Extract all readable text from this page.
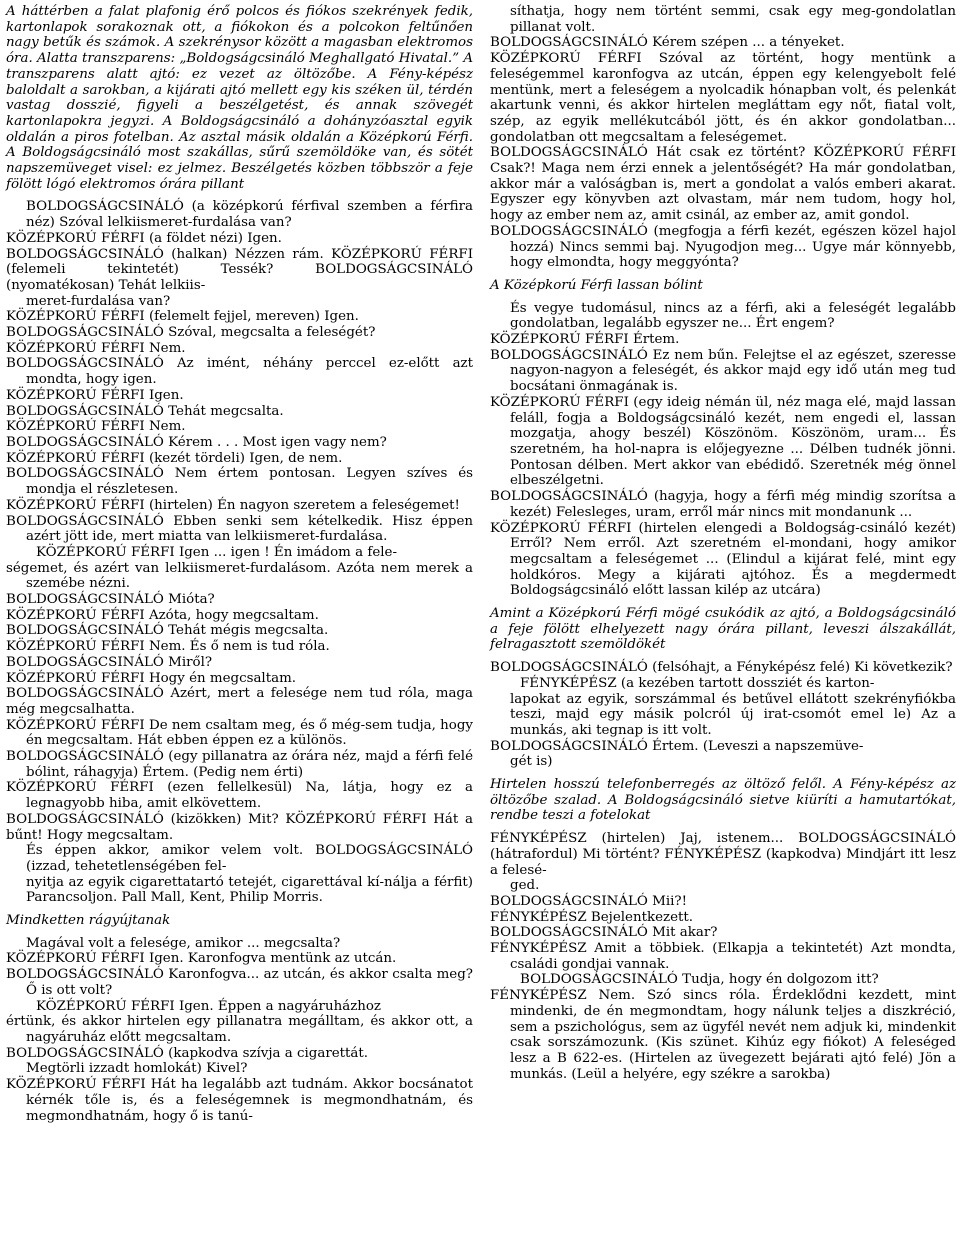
A háttérben a falat plafonig érő polcos és fiókos szekrények fedik, kartonlapok sorakoznak ott, a fiókokon és a polcokon feltűnően nagy betűk és számok. A szekrénysor között a magasban elektromos óra. Alatta transzparens: „Boldogságcsináló Meghallgató Hivatal.” A transzparens alatt ajtó: ez vezet az öltözőbe. A Fény-képész baloldalt a sarokban, a kijárati ajtó mellett egy kis széken ül, térdén vastag dosszié, figyeli a beszélgetést, és annak szövegét kartonlapokra jegyzi. A Boldogságcsináló a dohányzóasztal egyik oldalán a piros fotelban. Az asztal másik oldalán a Középkorú Férfi. A Boldogságcsináló most szakállas, sűrű szemöldöke van, és sötét napszemüveget visel: ez jelmez. Beszélgetés közben többször a feje fölött lógó elektromos órára pillant

BOLDOGSÁGCSINÁLÓ (a középkorú férfival szemben a férfira néz) Szóval lelkiismeret-furdalása van?

KÖZÉPKORÚ FÉRFI (a földet nézi) Igen.

BOLDOGSÁGCSINÁLÓ (halkan) Nézzen rám. KÖZÉPKORÚ FÉRFI (felemeli tekintetét) Tessék? BOLDOGSÁGCSINÁLÓ (nyomatékosan) Tehát lelkiis-

meret-furdalása van?

KÖZÉPKORÚ FÉRFI (felemelt fejjel, mereven) Igen.

BOLDOGSÁGCSINÁLÓ Szóval, megcsalta a feleségét?

KÖZÉPKORÚ FÉRFI Nem.

BOLDOGSÁGCSINÁLÓ Az imént, néhány perccel ez-előtt azt mondta, hogy igen.

KÖZÉPKORÚ FÉRFI Igen.

BOLDOGSÁGCSINÁLÓ Tehát megcsalta.

KÖZÉPKORÚ FÉRFI Nem.

BOLDOGSÁGCSINÁLÓ Kérem . . . Most igen vagy nem?

KÖZÉPKORÚ FÉRFI (kezét tördeli) Igen, de nem.

BOLDOGSÁGCSINÁLÓ Nem értem pontosan. Legyen szíves és mondja el részletesen.

KÖZÉPKORÚ FÉRFI (hirtelen) Én nagyon szeretem a feleségemet!

BOLDOGSÁGCSINÁLÓ Ebben senki sem kételkedik. Hisz éppen azért jött ide, mert miatta van lelkiismeret-furdalása.

KÖZÉPKORÚ FÉRFI Igen ... igen ! Én imádom a fele-

ségemet, és azért van lelkiismeret-furdalásom. Azóta nem merek a szemébe nézni.

BOLDOGSÁGCSINÁLÓ Mióta?

KÖZÉPKORÚ FÉRFI Azóta, hogy megcsaltam.

BOLDOGSÁGCSINÁLÓ Tehát mégis megcsalta.

KÖZÉPKORÚ FÉRFI Nem. És ő nem is tud róla.

BOLDOGSÁGCSINÁLÓ Miről?

KÖZÉPKORÚ FÉRFI Hogy én megcsaltam.

BOLDOGSÁGCSINÁLÓ Azért, mert a felesége nem tud róla, maga még megcsalhatta.

KÖZÉPKORÚ FÉRFI De nem csaltam meg, és ő még-sem tudja, hogy én megcsaltam. Hát ebben éppen ez a különös.

BOLDOGSÁGCSINÁLÓ (egy pillanatra az órára néz, majd a férfi felé bólint, ráhagyja) Értem. (Pedig nem érti)

KÖZÉPKORÚ FÉRFI (ezen fellelkesül) Na, látja, hogy ez a legnagyobb hiba, amit elkövettem.

BOLDOGSÁGCSINÁLÓ (kizökken) Mit? KÖZÉPKORÚ FÉRFI Hát a bűnt! Hogy megcsaltam.

És éppen akkor, amikor velem volt. BOLDOGSÁGCSINÁLÓ (izzad, tehetetlenségében fel-

nyitja az egyik cigarettatartó tetejét, cigarettával kí-nálja a férfit) Parancsoljon. Pall Mall, Kent, Philip Morris.

Mindketten rágyújtanak

Magával volt a felesége, amikor ... megcsalta?

KÖZÉPKORÚ FÉRFI Igen. Karonfogva mentünk az utcán.

BOLDOGSÁGCSINÁLÓ Karonfogva... az utcán, és akkor csalta meg? Ő is ott volt?

KÖZÉPKORÚ FÉRFI Igen. Éppen a nagyáruházhoz

értünk, és akkor hirtelen egy pillanatra megálltam, és akkor ott, a nagyáruház előtt megcsaltam.

BOLDOGSÁGCSINÁLÓ (kapkodva szívja a cigarettát.

Megtörli izzadt homlokát) Kivel?

KÖZÉPKORÚ FÉRFI Hát ha legalább azt tudnám. Akkor bocsánatot kérnék tőle is, és a feleségemnek is megmondhatnám, és megmondhatnám, hogy ő is tanú-

síthatja, hogy nem történt semmi, csak egy meg-gondolatlan pillanat volt.

BOLDOGSÁGCSINÁLÓ Kérem szépen ... a tényeket.

KÖZÉPKORÚ FÉRFI Szóval az történt, hogy mentünk a feleségemmel karonfogva az utcán, éppen egy kelengyebolt felé mentünk, mert a feleségem a nyolcadik hónapban volt, és pelenkát akartunk venni, és akkor hirtelen megláttam egy nőt, fiatal volt, szép, az egyik mellékutcából jött, és én akkor gondolatban... gondolatban ott megcsaltam a feleségemet.

BOLDOGSÁGCSINÁLÓ Hát csak ez történt? KÖZÉPKORÚ FÉRFI Csak?! Maga nem érzi ennek a jelentőségét? Ha már gondolatban, akkor már a valóságban is, mert a gondolat a valós emberi akarat. Egyszer egy könyvben azt olvastam, már nem tudom, hogy hol, hogy az ember nem az, amit csinál, az ember az, amit gondol.

BOLDOGSÁGCSINÁLÓ (megfogja a férfi kezét, egészen közel hajol hozzá) Nincs semmi baj. Nyugodjon meg... Ugye már könnyebb, hogy elmondta, hogy meggyónta?

A Középkorú Férfi lassan bólint

És vegye tudomásul, nincs az a férfi, aki a feleségét legalább gondolatban, legalább egyszer ne... Ért engem?

KÖZÉPKORÚ FÉRFI Értem.

BOLDOGSÁGCSINÁLÓ Ez nem bűn. Felejtse el az egészet, szeresse nagyon-nagyon a feleségét, és akkor majd egy idő után meg tud bocsátani önmagának is.

KÖZÉPKORÚ FÉRFI (egy ideig némán ül, néz maga elé, majd lassan feláll, fogja a Boldogságcsináló kezét, nem engedi el, lassan mozgatja, ahogy beszél) Köszönöm. Köszönöm, uram... És szeretném, ha hol-napra is előjegyezne ... Délben tudnék jönni. Pontosan délben. Mert akkor van ebédidő. Szeretnék még önnel elbeszélgetni.

BOLDOGSÁGCSINÁLÓ (hagyja, hogy a férfi még mindig szorítsa a kezét) Felesleges, uram, erről már nincs mit mondanunk ...

KÖZÉPKORÚ FÉRFI (hirtelen elengedi a Boldogság-csináló kezét) Erről? Nem erről. Azt szeretném el-mondani, hogy amikor megcsaltam a feleségemet ... (Elindul a kijárat felé, mint egy holdkóros. Megy a kijárati ajtóhoz. És a megdermedt Boldogságcsináló előtt lassan kilép az utcára)

Amint a Középkorú Férfi mögé csukódik az ajtó, a Boldogságcsináló a feje fölött elhelyezett nagy órára pillant, leveszi álszakállát, felragasztott szemöldökét

BOLDOGSÁGCSINÁLÓ (felsóhajt, a Fényképész felé) Ki következik?

FÉNYKÉPÉSZ (a kezében tartott dossziét és karton-

lapokat az egyik, sorszámmal és betűvel ellátott szekrényfiókba teszi, majd egy másik polcról új irat-csomót emel le) Az a munkás, aki tegnap is itt volt.

BOLDOGSÁGCSINÁLÓ Értem. (Leveszi a napszemüve-

gét is)

Hirtelen hosszú telefonberregés az öltöző felől. A Fény-képész az öltözőbe szalad. A Boldogságcsináló sietve kiüríti a hamutartókat, rendbe teszi a fotelokat

FÉNYKÉPÉSZ (hirtelen) Jaj, istenem... BOLDOGSÁGCSINÁLÓ (hátrafordul) Mi történt? FÉNYKÉPÉSZ (kapkodva) Mindjárt itt lesz a felesé-

ged.

BOLDOGSÁGCSINÁLÓ Mii?!

FÉNYKÉPÉSZ Bejelentkezett.

BOLDOGSÁGCSINÁLÓ Mit akar?

FÉNYKÉPÉSZ Amit a többiek. (Elkapja a tekintetét) Azt mondta, családi gondjai vannak.

BOLDOGSÁGCSINÁLÓ Tudja, hogy én dolgozom itt?

FÉNYKÉPÉSZ Nem. Szó sincs róla. Érdeklődni kezdett, mint mindenki, de én megmondtam, hogy nálunk teljes a diszkréció, sem a pszichológus, sem az ügyfél nevét nem adjuk ki, mindenkit csak sorszámozunk. (Kis szünet. Kihúz egy fiókot) A feleséged lesz a B 622-es. (Hirtelen az üvegezett bejárati ajtó felé) Jön a munkás. (Leül a helyére, egy székre a sarokba)
